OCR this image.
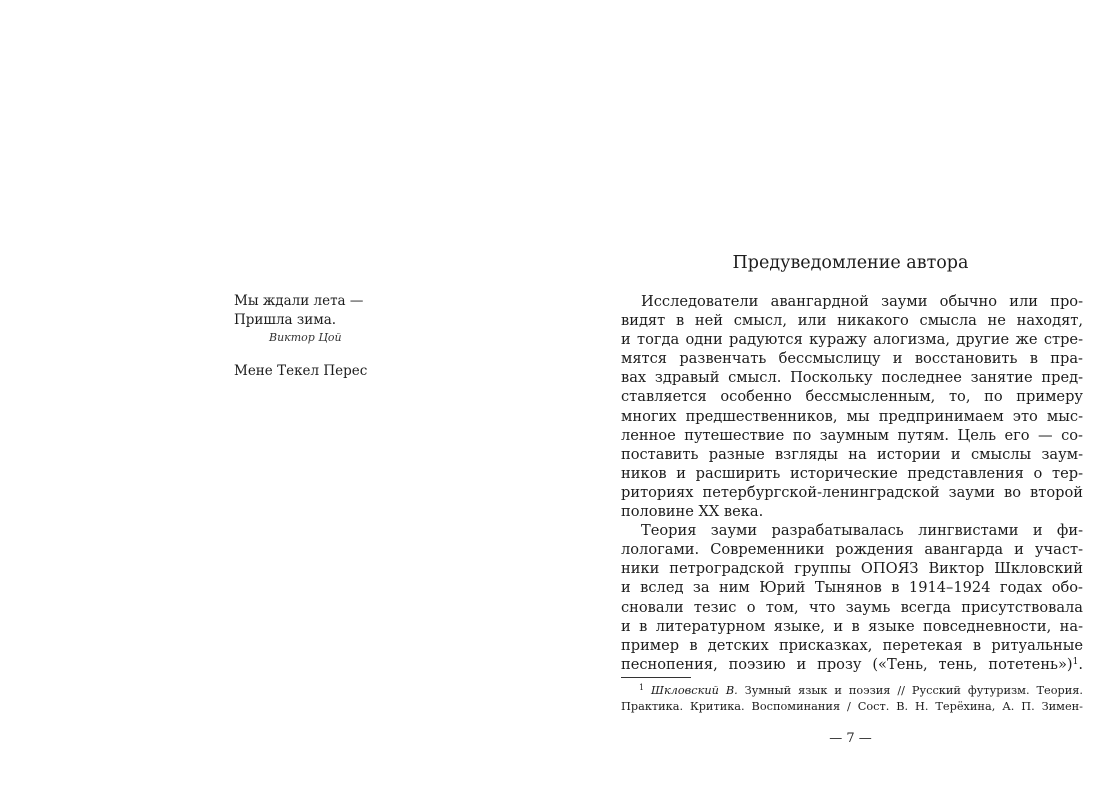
Мы ждали лета —
Пришла зима.
Виктор Цой
Мене Текел Перес
Предуведомление автора
Исследователи авангардной зауми обычно или про-
видят в ней смысл, или никакого смысла не находят,
и тогда одни радуются куражу алогизма, другие же стре-
мятся развенчать бессмыслицу и восстановить в пра-
вах здравый смысл. Поскольку последнее занятие пред-
ставляется особенно бессмысленным, то, по примеру
многих предшественников, мы предпринимаем это мыс-
ленное путешествие по заумным путям. Цель его — со-
поставить разные взгляды на истории и смыслы заум-
ников и расширить исторические представления о тер-
риториях петербургской-ленинградской зауми во второй
половине XX века.
Теория зауми разрабатывалась лингвистами и фи-
лологами. Современники рождения авангарда и участ-
ники петроградской группы ОПОЯЗ Виктор Шкловский
и вслед за ним Юрий Тынянов в 1914–1924 годах обо-
сновали тезис о том, что заумь всегда присутствовала
и в литературном языке, и в языке повседневности, на-
пример в детских присказках, перетекая в ритуальные
песнопения, поэзию и прозу («Тень, тень, потетень»)$^1$.
$^1$ Шкловский В. Зумный язык и поэзия // Русский футуризм. Теория.
Практика. Критика. Воспоминания / Сост. В. Н. Терёхина, А. П. Зимен-
— 7 —
